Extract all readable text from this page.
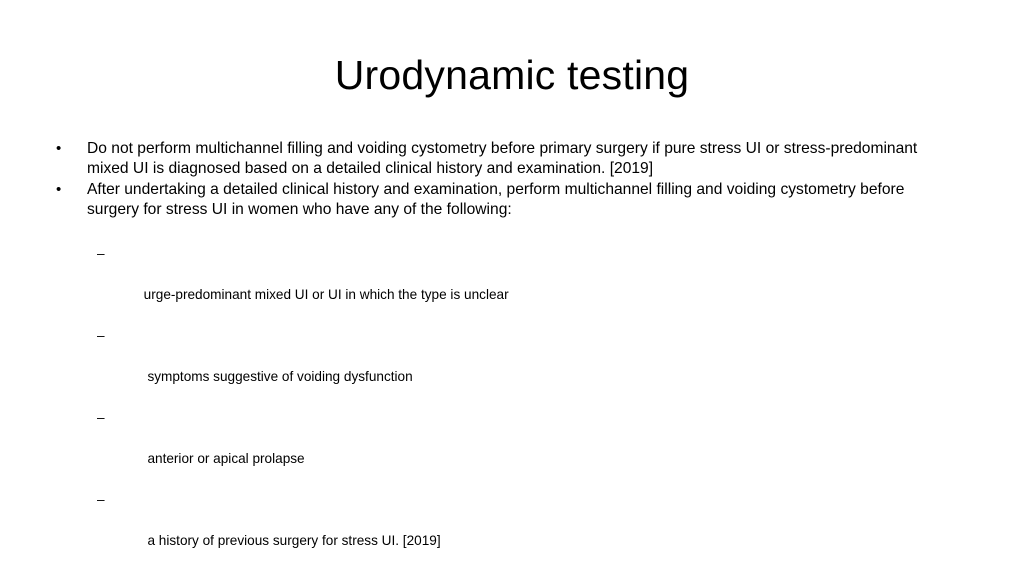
Urodynamic testing
• Do not perform multichannel filling and voiding cystometry before primary surgery if pure stress UI or stress-predominant mixed UI is diagnosed based on a detailed clinical history and examination. [2019]
• After undertaking a detailed clinical history and examination, perform multichannel filling and voiding cystometry before surgery for stress UI in women who have any of the following:

–

urge-predominant mixed UI or UI in which the type is unclear

–

symptoms suggestive of voiding dysfunction

–

anterior or apical prolapse

–

a history of previous surgery for stress UI. [2019]
